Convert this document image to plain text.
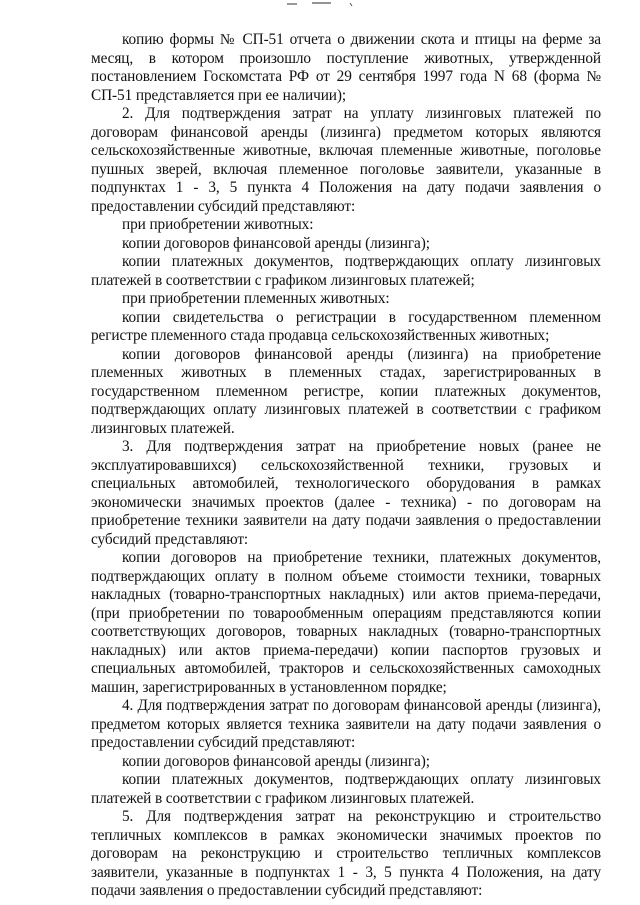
копию формы № СП-51 отчета о движении скота и птицы на ферме за месяц, в котором произошло поступление животных, утвержденной постановлением Госкомстата РФ от 29 сентября 1997 года N 68 (форма № СП-51 представляется при ее наличии);

2. Для подтверждения затрат на уплату лизинговых платежей по договорам финансовой аренды (лизинга) предметом которых являются сельскохозяйственные животные, включая племенные животные, поголовье пушных зверей, включая племенное поголовье заявители, указанные в подпунктах 1 - 3, 5 пункта 4 Положения на дату подачи заявления о предоставлении субсидий представляют:

при приобретении животных:

копии договоров финансовой аренды (лизинга);

копии платежных документов, подтверждающих оплату лизинговых платежей в соответствии с графиком лизинговых платежей;

при приобретении племенных животных:

копии свидетельства о регистрации в государственном племенном регистре племенного стада продавца сельскохозяйственных животных;

копии договоров финансовой аренды (лизинга) на приобретение племенных животных в племенных стадах, зарегистрированных в государственном племенном регистре, копии платежных документов, подтверждающих оплату лизинговых платежей в соответствии с графиком лизинговых платежей.

3. Для подтверждения затрат на приобретение новых (ранее не эксплуатировавшихся) сельскохозяйственной техники, грузовых и специальных автомобилей, технологического оборудования в рамках экономически значимых проектов (далее - техника) - по договорам на приобретение техники заявители на дату подачи заявления о предоставлении субсидий представляют:

копии договоров на приобретение техники, платежных документов, подтверждающих оплату в полном объеме стоимости техники, товарных накладных (товарно-транспортных накладных) или актов приема-передачи, (при приобретении по товарообменным операциям представляются копии соответствующих договоров, товарных накладных (товарно-транспортных накладных) или актов приема-передачи) копии паспортов грузовых и специальных автомобилей, тракторов и сельскохозяйственных самоходных машин, зарегистрированных в установленном порядке;

4. Для подтверждения затрат по договорам финансовой аренды (лизинга), предметом которых является техника заявители на дату подачи заявления о предоставлении субсидий представляют:

копии договоров финансовой аренды (лизинга);

копии платежных документов, подтверждающих оплату лизинговых платежей в соответствии с графиком лизинговых платежей.

5. Для подтверждения затрат на реконструкцию и строительство тепличных комплексов в рамках экономически значимых проектов по договорам на реконструкцию и строительство тепличных комплексов заявители, указанные в подпунктах 1 - 3, 5 пункта 4 Положения, на дату подачи заявления о предоставлении субсидий представляют:
